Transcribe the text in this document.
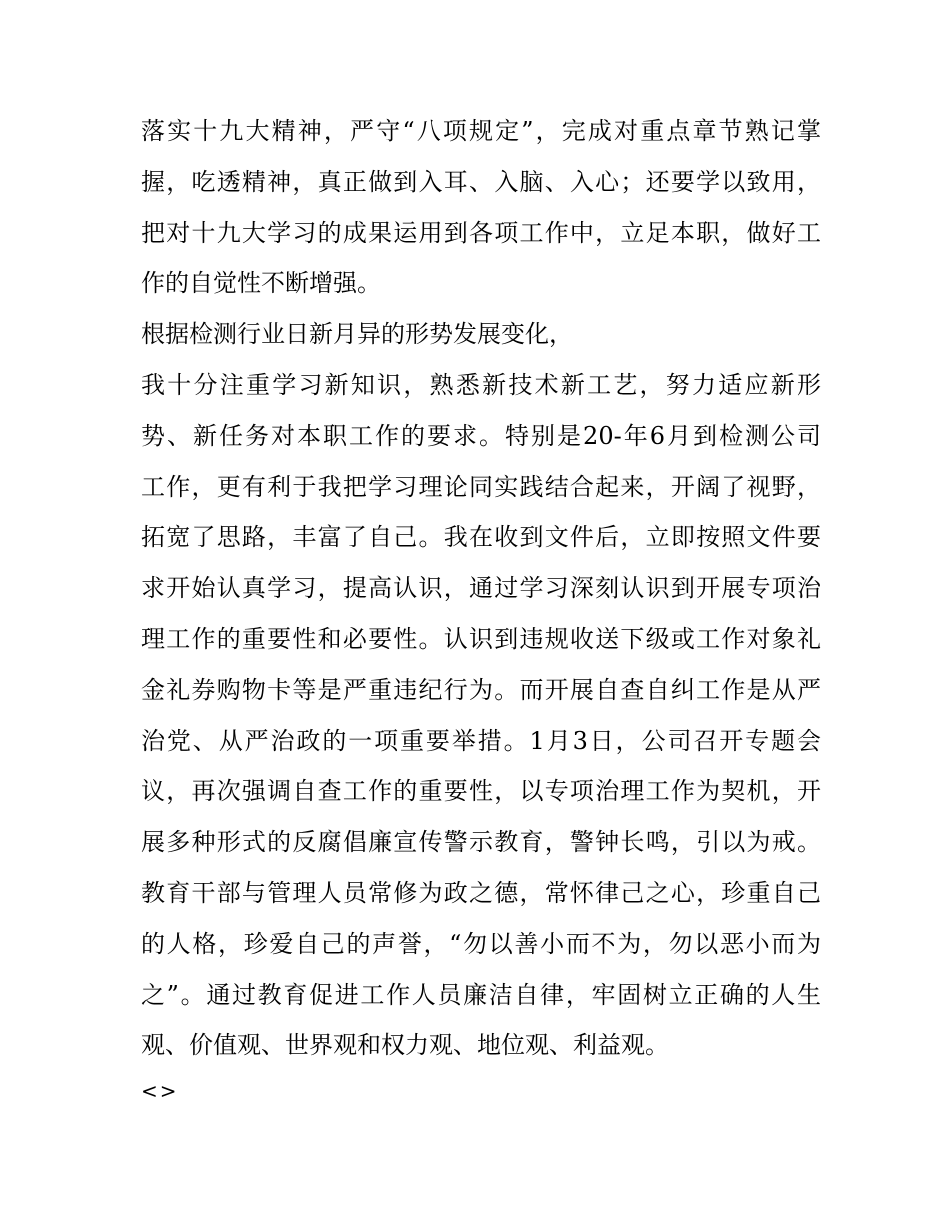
落实十九大精神，严守“八项规定”，完成对重点章节熟记掌
握，吃透精神，真正做到入耳、入脑、入心；还要学以致用，
把对十九大学习的成果运用到各项工作中，立足本职，做好工
作的自觉性不断增强。
根据检测行业日新月异的形势发展变化，
我十分注重学习新知识，熟悉新技术新工艺，努力适应新形
势、新任务对本职工作的要求。特别是20-年6月到检测公司
工作，更有利于我把学习理论同实践结合起来，开阔了视野，
拓宽了思路，丰富了自己。我在收到文件后，立即按照文件要
求开始认真学习，提高认识，通过学习深刻认识到开展专项治
理工作的重要性和必要性。认识到违规收送下级或工作对象礼
金礼券购物卡等是严重违纪行为。而开展自查自纠工作是从严
治党、从严治政的一项重要举措。1月3日，公司召开专题会
议，再次强调自查工作的重要性，以专项治理工作为契机，开
展多种形式的反腐倡廉宣传警示教育，警钟长鸣，引以为戒。
教育干部与管理人员常修为政之德，常怀律己之心，珍重自己
的人格，珍爱自己的声誉，“勿以善小而不为，勿以恶小而为
之”。通过教育促进工作人员廉洁自律，牢固树立正确的人生
观、价值观、世界观和权力观、地位观、利益观。
<>
